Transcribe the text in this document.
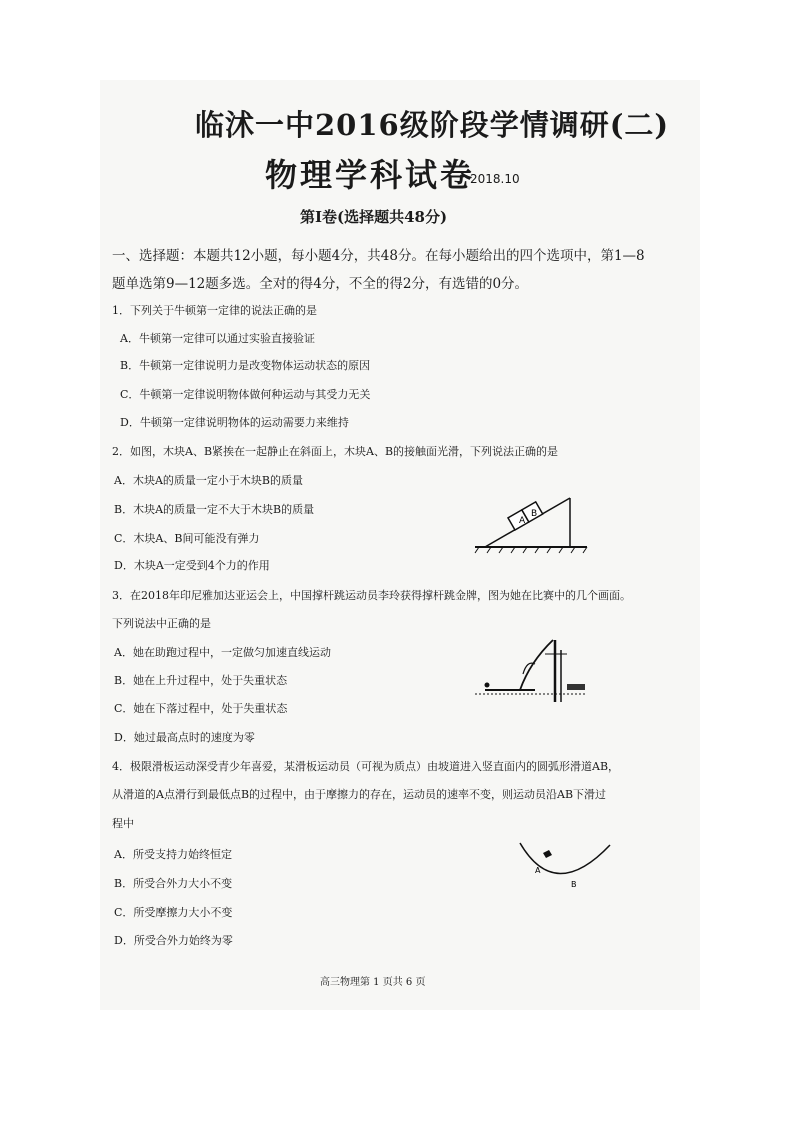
临沭一中2016级阶段学情调研(二)
物理学科试卷
2018.10
第Ⅰ卷(选择题共48分)
一、选择题：本题共12小题，每小题4分，共48分。在每小题给出的四个选项中，第1—8
题单选第9—12题多选。全对的得4分，不全的得2分，有选错的0分。
1．下列关于牛顿第一定律的说法正确的是
A．牛顿第一定律可以通过实验直接验证
B．牛顿第一定律说明力是改变物体运动状态的原因
C．牛顿第一定律说明物体做何种运动与其受力无关
D．牛顿第一定律说明物体的运动需要力来维持
2．如图，木块A、B紧挨在一起静止在斜面上，木块A、B的接触面光滑，下列说法正确的是
A．木块A的质量一定小于木块B的质量
B．木块A的质量一定不大于木块B的质量
C．木块A、B间可能没有弹力
D．木块A一定受到4个力的作用
B
A
3．在2018年印尼雅加达亚运会上，中国撑杆跳运动员李玲获得撑杆跳金牌，图为她在比赛中的几个画面。
下列说法中正确的是
A．她在助跑过程中，一定做匀加速直线运动
B．她在上升过程中，处于失重状态
C．她在下落过程中，处于失重状态
D．她过最高点时的速度为零
4．极限滑板运动深受青少年喜爱，某滑板运动员（可视为质点）由坡道进入竖直面内的圆弧形滑道AB，
从滑道的A点滑行到最低点B的过程中，由于摩擦力的存在，运动员的速率不变，则运动员沿AB下滑过
程中
A．所受支持力始终恒定
B．所受合外力大小不变
C．所受摩擦力大小不变
D．所受合外力始终为零
A
B
高三物理第 1 页共 6 页
